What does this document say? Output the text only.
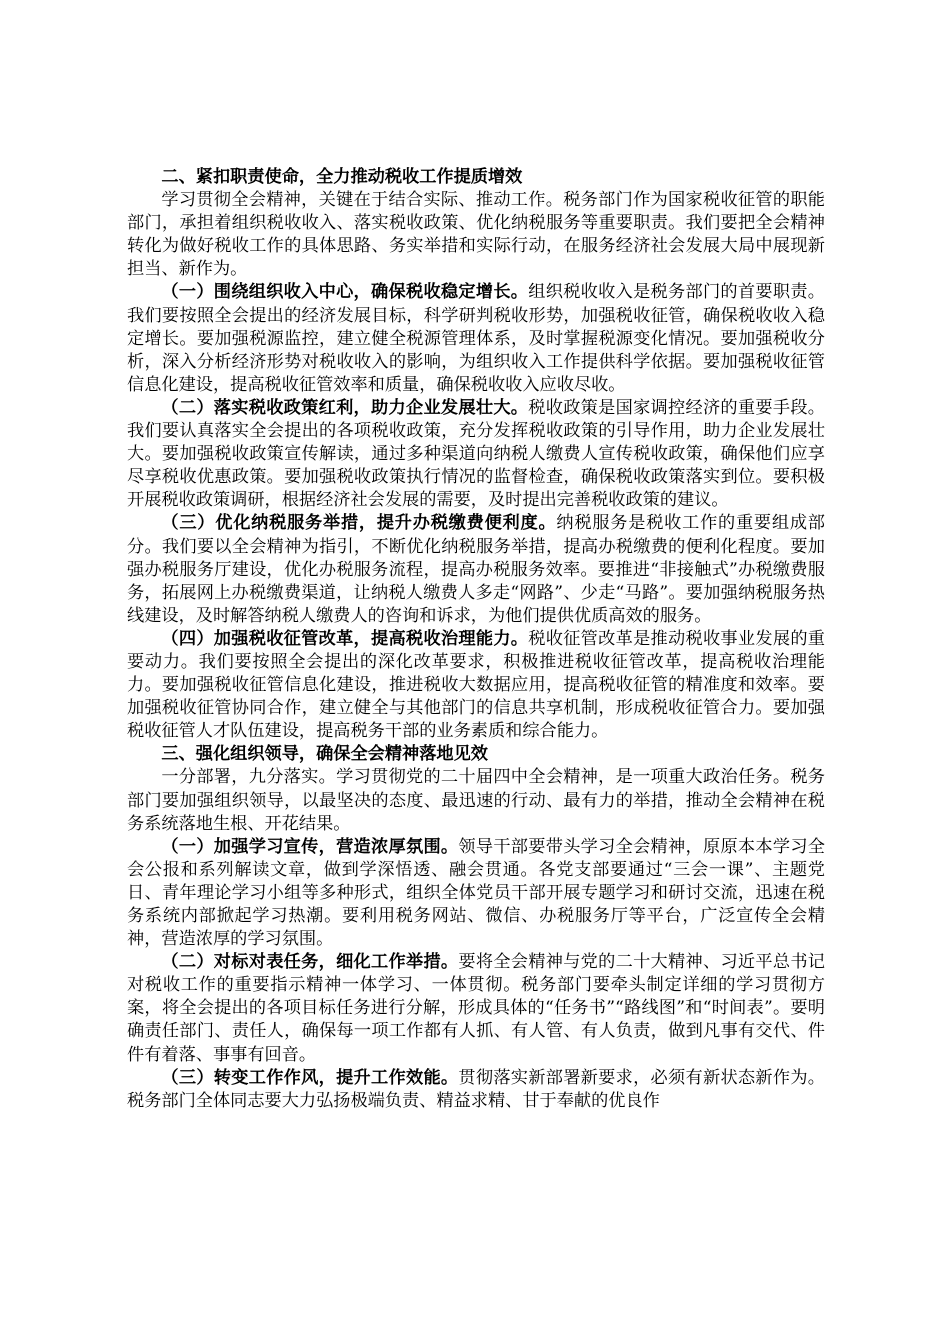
二、紧扣职责使命，全力推动税收工作提质增效

学习贯彻全会精神，关键在于结合实际、推动工作。税务部门作为国家税收征管的职能部门，承担着组织税收收入、落实税收政策、优化纳税服务等重要职责。我们要把全会精神转化为做好税收工作的具体思路、务实举措和实际行动，在服务经济社会发展大局中展现新担当、新作为。

（一）围绕组织收入中心，确保税收稳定增长。组织税收收入是税务部门的首要职责。我们要按照全会提出的经济发展目标，科学研判税收形势，加强税收征管，确保税收收入稳定增长。要加强税源监控，建立健全税源管理体系，及时掌握税源变化情况。要加强税收分析，深入分析经济形势对税收收入的影响，为组织收入工作提供科学依据。要加强税收征管信息化建设，提高税收征管效率和质量，确保税收收入应收尽收。

（二）落实税收政策红利，助力企业发展壮大。税收政策是国家调控经济的重要手段。我们要认真落实全会提出的各项税收政策，充分发挥税收政策的引导作用，助力企业发展壮大。要加强税收政策宣传解读，通过多种渠道向纳税人缴费人宣传税收政策，确保他们应享尽享税收优惠政策。要加强税收政策执行情况的监督检查，确保税收政策落实到位。要积极开展税收政策调研，根据经济社会发展的需要，及时提出完善税收政策的建议。

（三）优化纳税服务举措，提升办税缴费便利度。纳税服务是税收工作的重要组成部分。我们要以全会精神为指引，不断优化纳税服务举措，提高办税缴费的便利化程度。要加强办税服务厅建设，优化办税服务流程，提高办税服务效率。要推进“非接触式”办税缴费服务，拓展网上办税缴费渠道，让纳税人缴费人多走“网路”、少走“马路”。要加强纳税服务热线建设，及时解答纳税人缴费人的咨询和诉求，为他们提供优质高效的服务。

（四）加强税收征管改革，提高税收治理能力。税收征管改革是推动税收事业发展的重要动力。我们要按照全会提出的深化改革要求，积极推进税收征管改革，提高税收治理能力。要加强税收征管信息化建设，推进税收大数据应用，提高税收征管的精准度和效率。要加强税收征管协同合作，建立健全与其他部门的信息共享机制，形成税收征管合力。要加强税收征管人才队伍建设，提高税务干部的业务素质和综合能力。

三、强化组织领导，确保全会精神落地见效

一分部署，九分落实。学习贯彻党的二十届四中全会精神，是一项重大政治任务。税务部门要加强组织领导，以最坚决的态度、最迅速的行动、最有力的举措，推动全会精神在税务系统落地生根、开花结果。

（一）加强学习宣传，营造浓厚氛围。领导干部要带头学习全会精神，原原本本学习全会公报和系列解读文章，做到学深悟透、融会贯通。各党支部要通过“三会一课”、主题党日、青年理论学习小组等多种形式，组织全体党员干部开展专题学习和研讨交流，迅速在税务系统内部掀起学习热潮。要利用税务网站、微信、办税服务厅等平台，广泛宣传全会精神，营造浓厚的学习氛围。

（二）对标对表任务，细化工作举措。要将全会精神与党的二十大精神、习近平总书记对税收工作的重要指示精神一体学习、一体贯彻。税务部门要牵头制定详细的学习贯彻方案，将全会提出的各项目标任务进行分解，形成具体的“任务书”“路线图”和“时间表”。要明确责任部门、责任人，确保每一项工作都有人抓、有人管、有人负责，做到凡事有交代、件件有着落、事事有回音。

（三）转变工作作风，提升工作效能。贯彻落实新部署新要求，必须有新状态新作为。税务部门全体同志要大力弘扬极端负责、精益求精、甘于奉献的优良作
